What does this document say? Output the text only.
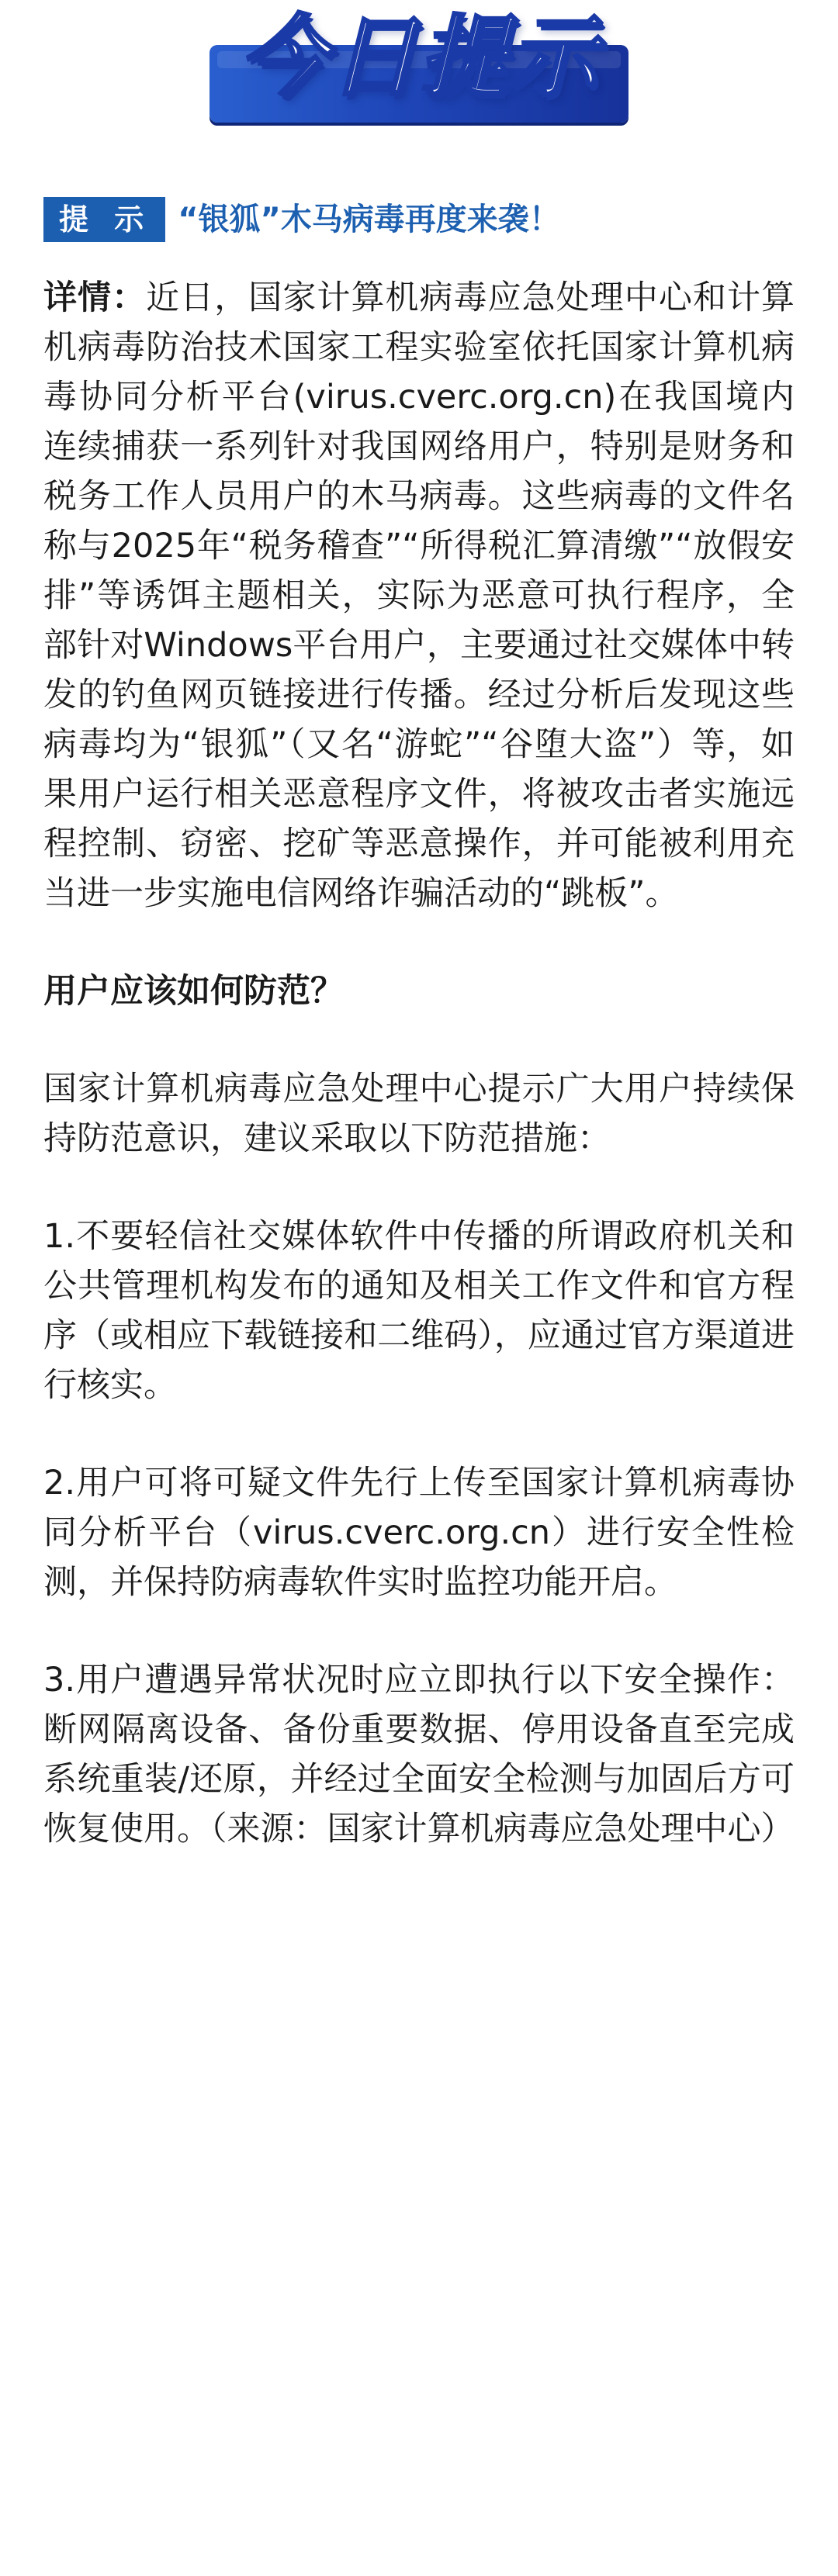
今日提示
提 示 “银狐”木马病毒再度来袭！

详情：近日，国家计算机病毒应急处理中心和计算机病毒防治技术国家工程实验室依托国家计算机病毒协同分析平台(virus.cverc.org.cn)在我国境内连续捕获一系列针对我国网络用户，特别是财务和税务工作人员用户的木马病毒。这些病毒的文件名称与2025年“税务稽查”“所得税汇算清缴”“放假安排”等诱饵主题相关，实际为恶意可执行程序，全部针对Windows平台用户，主要通过社交媒体中转发的钓鱼网页链接进行传播。经过分析后发现这些病毒均为“银狐”（又名“游蛇”“谷堕大盗”）等，如果用户运行相关恶意程序文件，将被攻击者实施远程控制、窃密、挖矿等恶意操作，并可能被利用充当进一步实施电信网络诈骗活动的“跳板”。

用户应该如何防范？

国家计算机病毒应急处理中心提示广大用户持续保持防范意识，建议采取以下防范措施：

1.不要轻信社交媒体软件中传播的所谓政府机关和公共管理机构发布的通知及相关工作文件和官方程序（或相应下载链接和二维码），应通过官方渠道进行核实。

2.用户可将可疑文件先行上传至国家计算机病毒协同分析平台（virus.cverc.org.cn）进行安全性检测，并保持防病毒软件实时监控功能开启。

3.用户遭遇异常状况时应立即执行以下安全操作：断网隔离设备、备份重要数据、停用设备直至完成系统重装/还原，并经过全面安全检测与加固后方可恢复使用。（来源：国家计算机病毒应急处理中心）
